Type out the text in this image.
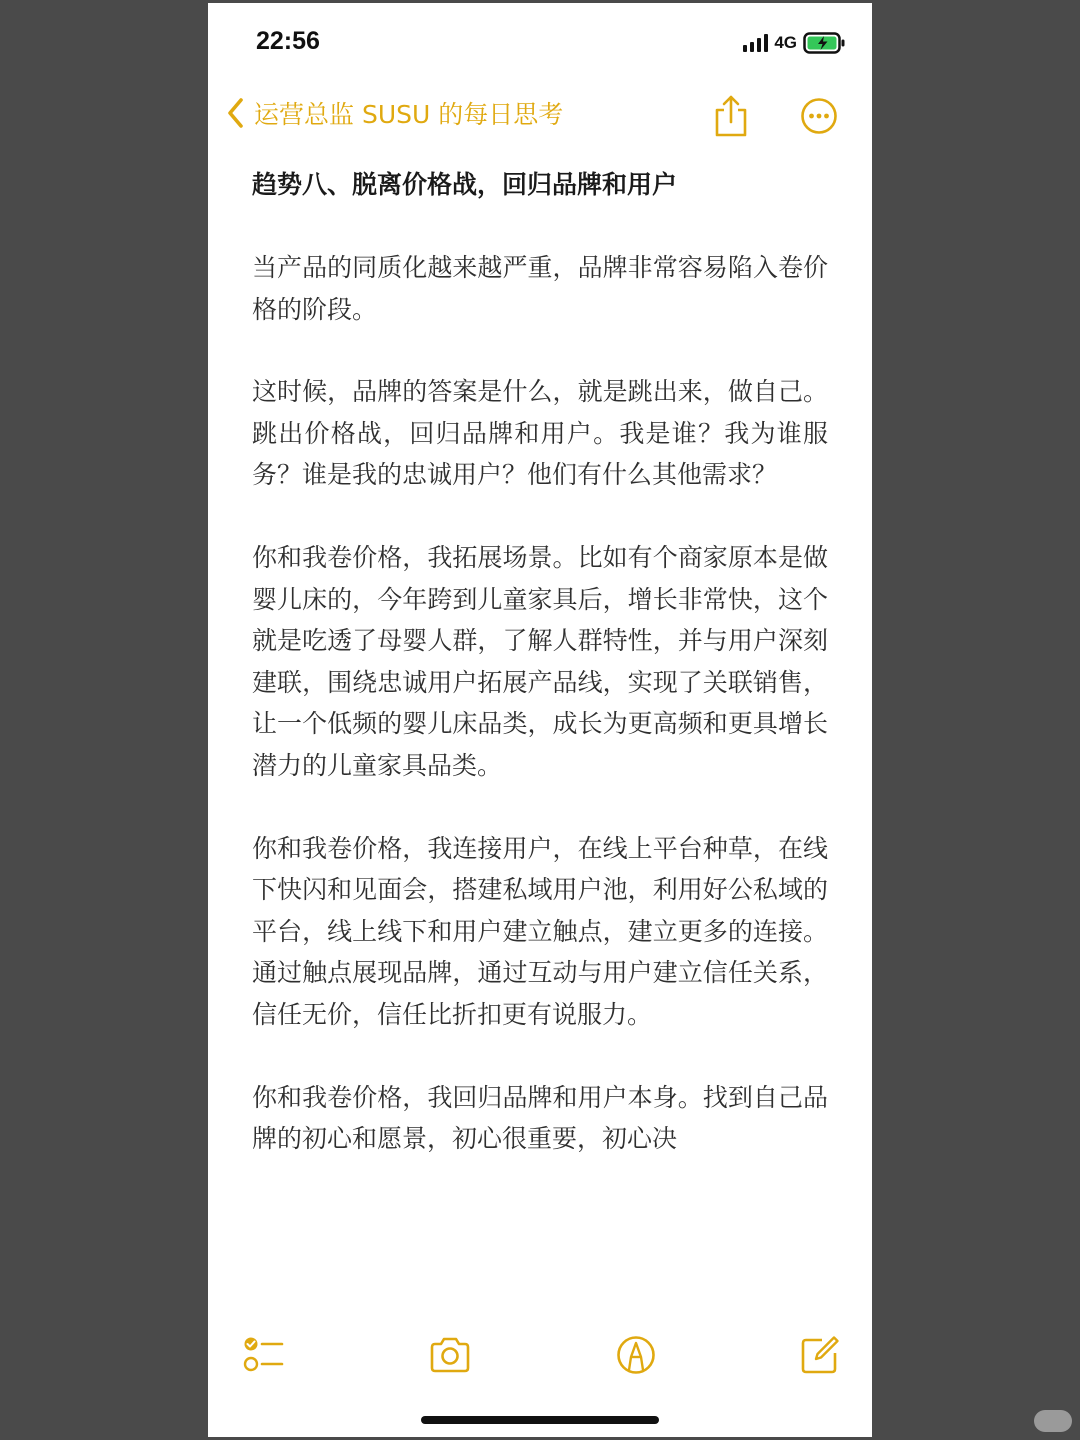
22:56	4G
运营总监 SUSU 的每日思考
趋势八、脱离价格战，回归品牌和用户

当产品的同质化越来越严重，品牌非常容易陷入卷价格的阶段。

这时候，品牌的答案是什么，就是跳出来，做自己。跳出价格战，回归品牌和用户。我是谁？我为谁服务？谁是我的忠诚用户？他们有什么其他需求？

你和我卷价格，我拓展场景。比如有个商家原本是做婴儿床的，今年跨到儿童家具后，增长非常快，这个就是吃透了母婴人群，了解人群特性，并与用户深刻建联，围绕忠诚用户拓展产品线，实现了关联销售，让一个低频的婴儿床品类，成长为更高频和更具增长潜力的儿童家具品类。

你和我卷价格，我连接用户，在线上平台种草，在线下快闪和见面会，搭建私域用户池，利用好公私域的平台，线上线下和用户建立触点，建立更多的连接。通过触点展现品牌，通过互动与用户建立信任关系，信任无价，信任比折扣更有说服力。

你和我卷价格，我回归品牌和用户本身。找到自己品牌的初心和愿景，初心很重要，初心决
